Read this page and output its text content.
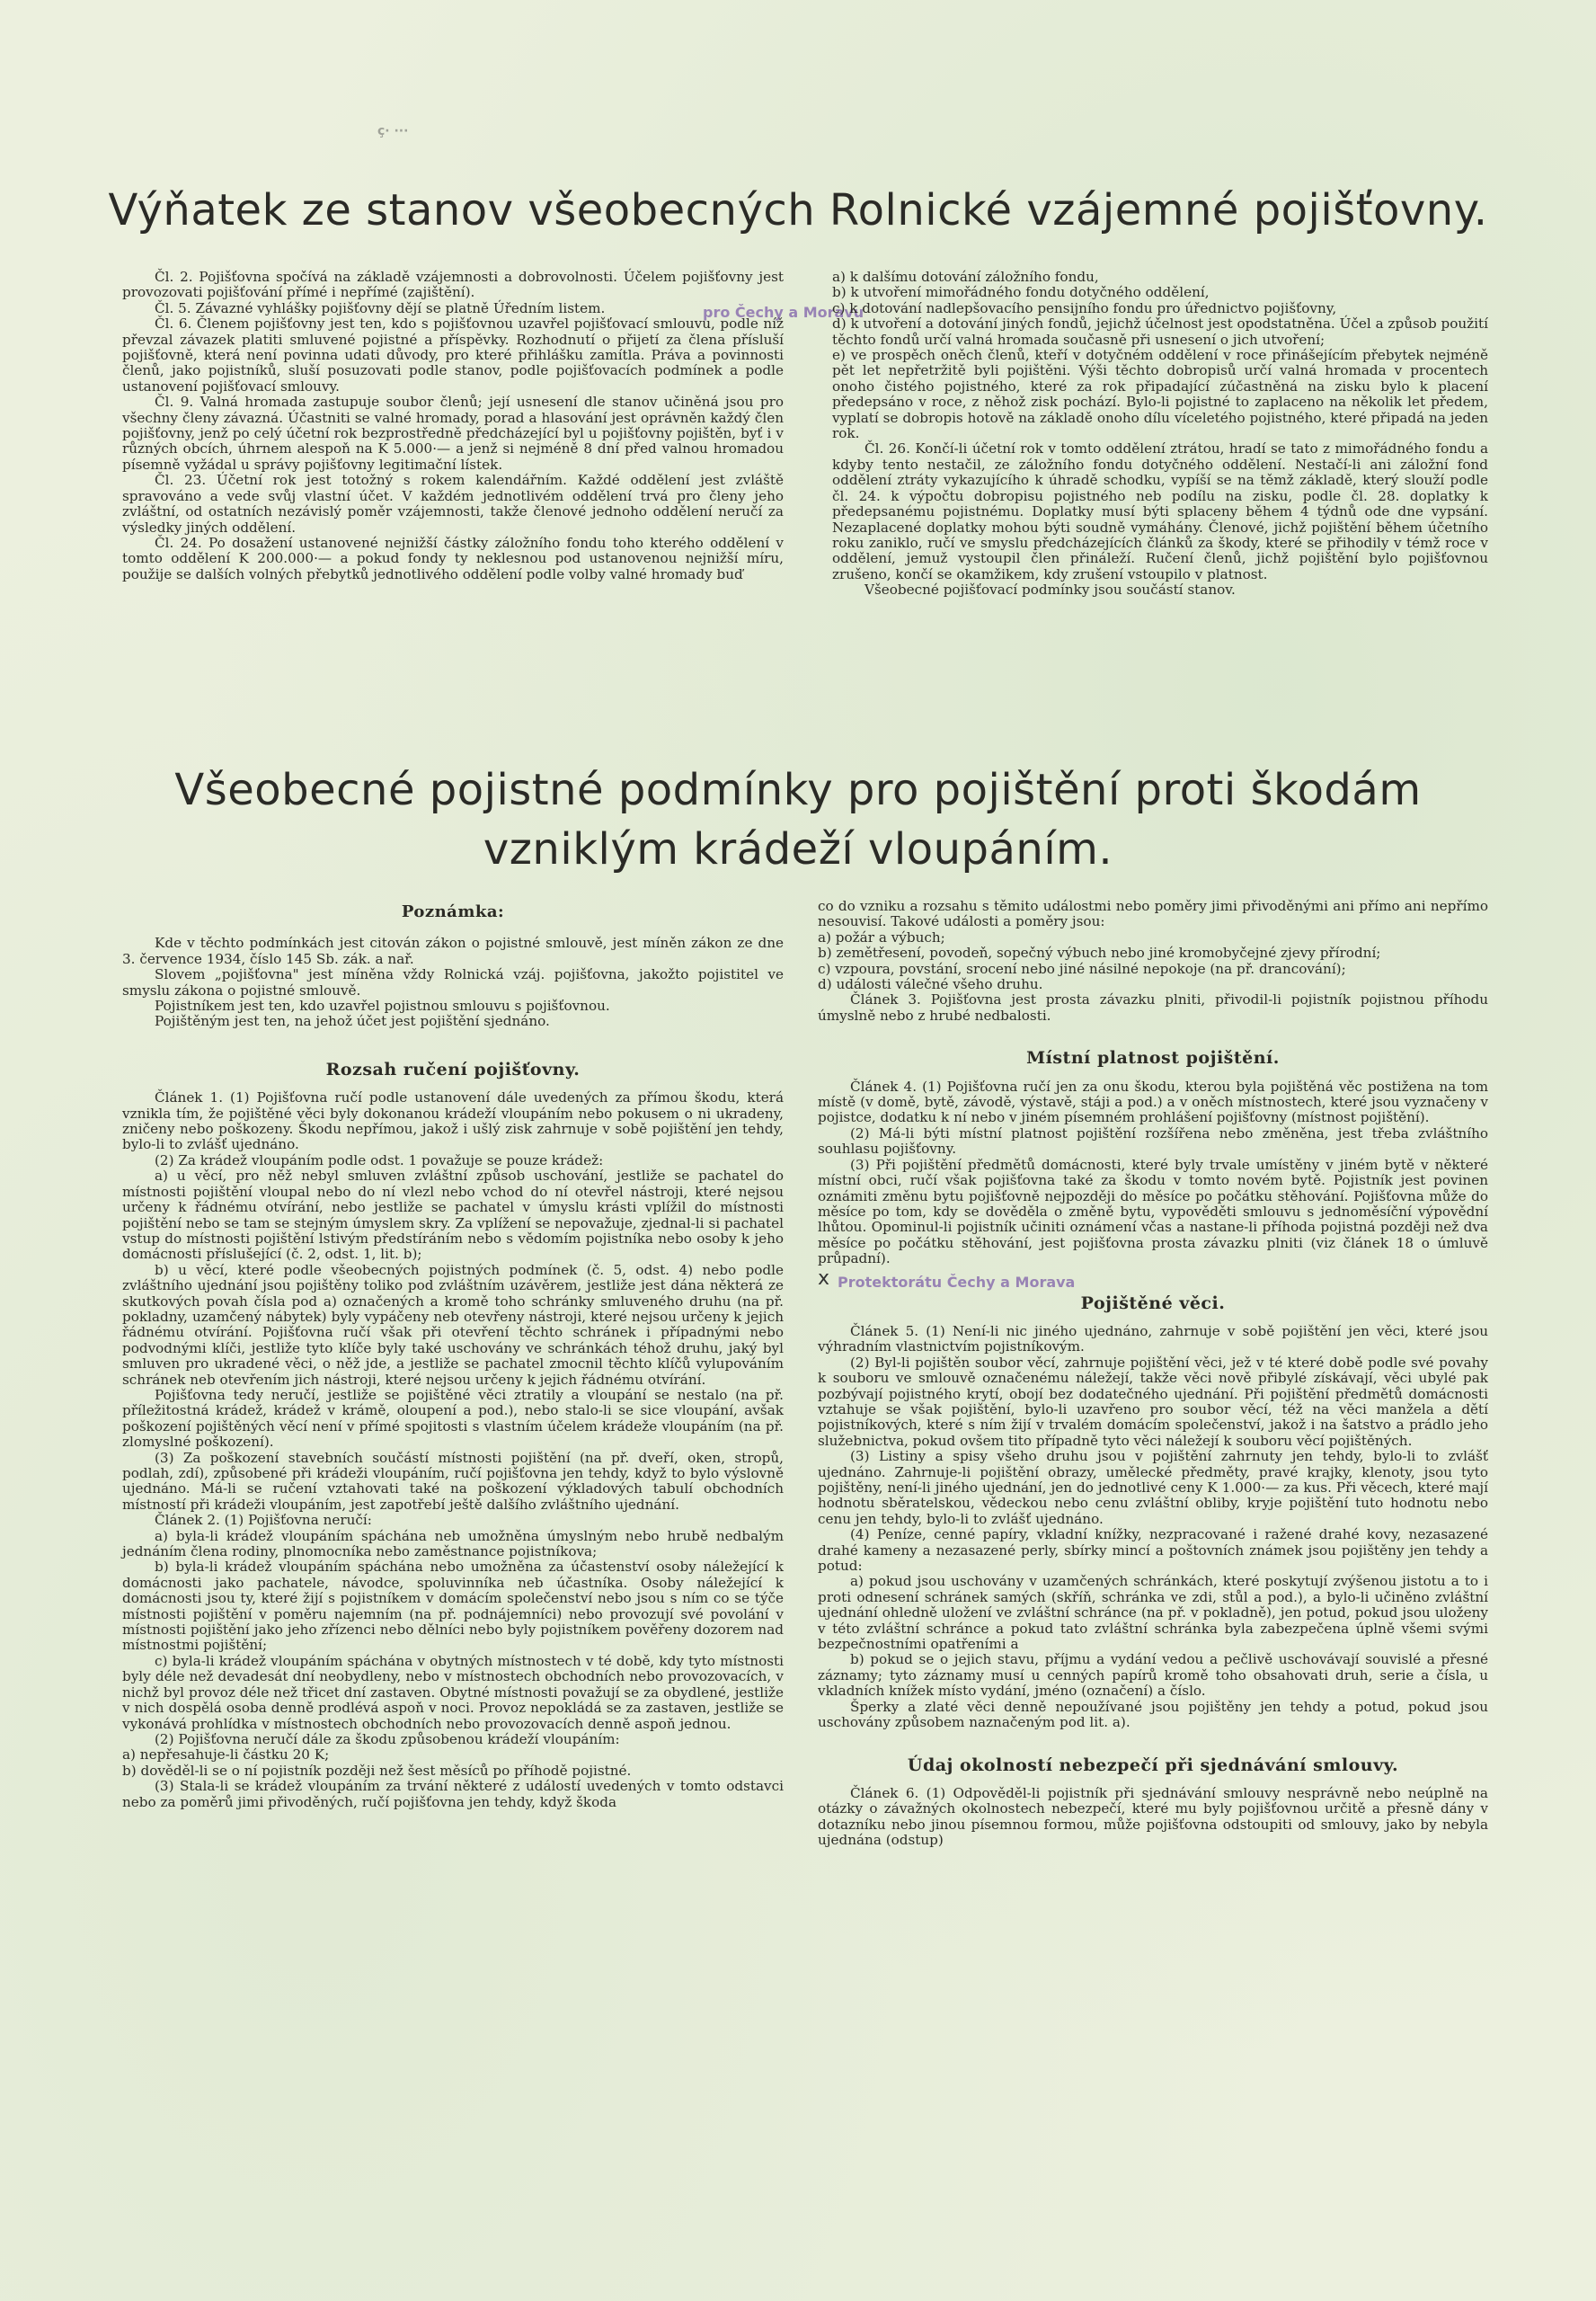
ç· ···
Výňatek ze stanov všeobecných Rolnické vzájemné pojišťovny.

Čl. 2. Pojišťovna spočívá na základě vzájemnosti a dobrovolnosti. Účelem pojišťovny jest provozovati pojišťování přímé i nepřímé (zajištění).

Čl. 5. Závazné vyhlášky pojišťovny dějí se platně Úředním listem.

Čl. 6. Členem pojišťovny jest ten, kdo s pojišťovnou uzavřel pojišťovací smlouvu, podle níž převzal závazek platiti smluvené pojistné a příspěvky. Rozhodnutí o přijetí za člena přísluší pojišťovně, která není povinna udati důvody, pro které přihlášku zamítla. Práva a povinnosti členů, jako pojistníků, sluší posuzovati podle stanov, podle pojišťovacích podmínek a podle ustanovení pojišťovací smlouvy.

Čl. 9. Valná hromada zastupuje soubor členů; její usnesení dle stanov učiněná jsou pro všechny členy závazná. Účastniti se valné hromady, porad a hlasování jest oprávněn každý člen pojišťovny, jenž po celý účetní rok bezprostředně předcházející byl u pojišťovny pojištěn, byť i v různých obcích, úhrnem alespoň na K 5.000·— a jenž si nejméně 8 dní před valnou hromadou písemně vyžádal u správy pojišťovny legitimační lístek.

Čl. 23. Účetní rok jest totožný s rokem kalendářním. Každé oddělení jest zvláště spravováno a vede svůj vlastní účet. V každém jednotlivém oddělení trvá pro členy jeho zvláštní, od ostatních nezávislý poměr vzájemnosti, takže členové jednoho oddělení neručí za výsledky jiných oddělení.

Čl. 24. Po dosažení ustanovené nejnižší částky záložního fondu toho kterého oddělení v tomto oddělení K 200.000·— a pokud fondy ty neklesnou pod ustanovenou nejnižší míru, použije se dalších volných přebytků jednotlivého oddělení podle volby valné hromady buď

pro Čechy a Moravu

a) k dalšímu dotování záložního fondu,

b) k utvoření mimořádného fondu dotyčného oddělení,

c) k dotování nadlepšovacího pensijního fondu pro úřednictvo pojišťovny,

d) k utvoření a dotování jiných fondů, jejichž účelnost jest opodstatněna. Účel a způsob použití těchto fondů určí valná hromada současně při usnesení o jich utvoření;

e) ve prospěch oněch členů, kteří v dotyčném oddělení v roce přinášejícím přebytek nejméně pět let nepřetržitě byli pojištěni. Výši těchto dobropisů určí valná hromada v procentech onoho čistého pojistného, které za rok připadající zúčastněná na zisku bylo k placení předepsáno v roce, z něhož zisk pochází. Bylo-li pojistné to zaplaceno na několik let předem, vyplatí se dobropis hotově na základě onoho dílu víceletého pojistného, které připadá na jeden rok.

Čl. 26. Končí-li účetní rok v tomto oddělení ztrátou, hradí se tato z mimořádného fondu a kdyby tento nestačil, ze záložního fondu dotyčného oddělení. Nestačí-li ani záložní fond oddělení ztráty vykazujícího k úhradě schodku, vypíší se na těmž základě, který slouží podle čl. 24. k výpočtu dobropisu pojistného neb podílu na zisku, podle čl. 28. doplatky k předepsanému pojistnému. Doplatky musí býti splaceny během 4 týdnů ode dne vypsání. Nezaplacené doplatky mohou býti soudně vymáhány. Členové, jichž pojištění během účetního roku zaniklo, ručí ve smyslu předcházejících článků za škody, které se přihodily v témž roce v oddělení, jemuž vystoupil člen přináleží. Ručení členů, jichž pojištění bylo pojišťovnou zrušeno, končí se okamžikem, kdy zrušení vstoupilo v platnost.

Všeobecné pojišťovací podmínky jsou součástí stanov.

Všeobecné pojistné podmínky pro pojištění proti škodám
vzniklým krádeží vloupáním.
Poznámka:

Kde v těchto podmínkách jest citován zákon o pojistné smlouvě, jest míněn zákon ze dne 3. července 1934, číslo 145 Sb. zák. a nař.

Slovem „pojišťovna" jest míněna vždy Rolnická vzáj. pojišťovna, jakožto pojistitel ve smyslu zákona o pojistné smlouvě.

Pojistníkem jest ten, kdo uzavřel pojistnou smlouvu s pojišťovnou.

Pojištěným jest ten, na jehož účet jest pojištění sjednáno.

Rozsah ručení pojišťovny.

Článek 1. (1) Pojišťovna ručí podle ustanovení dále uvedených za přímou škodu, která vznikla tím, že pojištěné věci byly dokonanou krádeží vloupáním nebo pokusem o ni ukradeny, zničeny nebo poškozeny. Škodu nepřímou, jakož i ušlý zisk zahrnuje v sobě pojištění jen tehdy, bylo-li to zvlášť ujednáno.

(2) Za krádež vloupáním podle odst. 1 považuje se pouze krádež:

a) u věcí, pro něž nebyl smluven zvláštní způsob uschování, jestliže se pachatel do místnosti pojištění vloupal nebo do ní vlezl nebo vchod do ní otevřel nástroji, které nejsou určeny k řádnému otvírání, nebo jestliže se pachatel v úmyslu krásti vplížil do místnosti pojištění nebo se tam se stejným úmyslem skry. Za vplížení se nepovažuje, zjednal-li si pachatel vstup do místnosti pojištění lstivým předstíráním nebo s vědomím pojistníka nebo osoby k jeho domácnosti příslušející (č. 2, odst. 1, lit. b);

b) u věcí, které podle všeobecných pojistných podmínek (č. 5, odst. 4) nebo podle zvláštního ujednání jsou pojištěny toliko pod zvláštním uzávěrem, jestliže jest dána některá ze skutkových povah čísla pod a) označených a kromě toho schránky smluveného druhu (na př. pokladny, uzamčený nábytek) byly vypáčeny neb otevřeny nástroji, které nejsou určeny k jejich řádnému otvírání. Pojišťovna ručí však při otevření těchto schránek i případnými nebo podvodnými klíči, jestliže tyto klíče byly také uschovány ve schránkách téhož druhu, jaký byl smluven pro ukradené věci, o něž jde, a jestliže se pachatel zmocnil těchto klíčů vylupováním schránek neb otevřením jich nástroji, které nejsou určeny k jejich řádnému otvírání.

Pojišťovna tedy neručí, jestliže se pojištěné věci ztratily a vloupání se nestalo (na př. příležitostná krádež, krádež v krámě, oloupení a pod.), nebo stalo-li se sice vloupání, avšak poškození pojištěných věcí není v přímé spojitosti s vlastním účelem krádeže vloupáním (na př. zlomyslné poškození).

(3) Za poškození stavebních součástí místnosti pojištění (na př. dveří, oken, stropů, podlah, zdí), způsobené při krádeži vloupáním, ručí pojišťovna jen tehdy, když to bylo výslovně ujednáno. Má-li se ručení vztahovati také na poškození výkladových tabulí obchodních místností při krádeži vloupáním, jest zapotřebí ještě dalšího zvláštního ujednání.

Článek 2. (1) Pojišťovna neručí:

a) byla-li krádež vloupáním spáchána neb umožněna úmyslným nebo hrubě nedbalým jednáním člena rodiny, plnomocníka nebo zaměstnance pojistníkova;

b) byla-li krádež vloupáním spáchána nebo umožněna za účastenství osoby náležející k domácnosti jako pachatele, návodce, spoluvinníka neb účastníka. Osoby náležející k domácnosti jsou ty, které žijí s pojistníkem v domácím společenství nebo jsou s ním co se týče místnosti pojištění v poměru najemním (na př. podnájemníci) nebo provozují své povolání v místnosti pojištění jako jeho zřízenci nebo dělníci nebo byly pojistníkem pověřeny dozorem nad místnostmi pojištění;

c) byla-li krádež vloupáním spáchána v obytných místnostech v té době, kdy tyto místnosti byly déle než devadesát dní neobydleny, nebo v místnostech obchodních nebo provozovacích, v nichž byl provoz déle než třicet dní zastaven. Obytné místnosti považují se za obydlené, jestliže v nich dospělá osoba denně prodlévá aspoň v noci. Provoz nepokládá se za zastaven, jestliže se vykonává prohlídka v místnostech obchodních nebo provozovacích denně aspoň jednou.

(2) Pojišťovna neručí dále za škodu způsobenou krádeží vloupáním:

a) nepřesahuje-li částku 20 K;

b) dověděl-li se o ní pojistník později než šest měsíců po příhodě pojistné.

(3) Stala-li se krádež vloupáním za trvání některé z událostí uvedených v tomto odstavci nebo za poměrů jimi přivoděných, ručí pojišťovna jen tehdy, když škoda

co do vzniku a rozsahu s těmito událostmi nebo poměry jimi přivoděnými ani přímo ani nepřímo nesouvisí. Takové události a poměry jsou:

a) požár a výbuch;

b) zemětřesení, povodeň, sopečný výbuch nebo jiné kromobyčejné zjevy přírodní;

c) vzpoura, povstání, srocení nebo jiné násilné nepokoje (na př. drancování);

d) události válečné všeho druhu.

Článek 3. Pojišťovna jest prosta závazku plniti, přivodil-li pojistník pojistnou příhodu úmyslně nebo z hrubé nedbalosti.

Místní platnost pojištění.

Článek 4. (1) Pojišťovna ručí jen za onu škodu, kterou byla pojištěná věc postižena na tom místě (v domě, bytě, závodě, výstavě, stáji a pod.) a v oněch místnostech, které jsou vyznačeny v pojistce, dodatku k ní nebo v jiném písemném prohlášení pojišťovny (místnost pojištění).

(2) Má-li býti místní platnost pojištění rozšířena nebo změněna, jest třeba zvláštního souhlasu pojišťovny.

(3) Při pojištění předmětů domácnosti, které byly trvale umístěny v jiném bytě v některé místní obci, ručí však pojišťovna také za škodu v tomto novém bytě. Pojistník jest povinen oznámiti změnu bytu pojišťovně nejpozději do měsíce po počátku stěhování. Pojišťovna může do měsíce po tom, kdy se dověděla o změně bytu, vypověděti smlouvu s jednoměsíční výpovědní lhůtou. Opominul-li pojistník učiniti oznámení včas a nastane-li příhoda pojistná později než dva měsíce po počátku stěhování, jest pojišťovna prosta závazku plniti (viz článek 18 o úmluvě průpadní).

x Protektorátu Čechy a Morava
Pojištěné věci.

Článek 5. (1) Není-li nic jiného ujednáno, zahrnuje v sobě pojištění jen věci, které jsou výhradním vlastnictvím pojistníkovým.

(2) Byl-li pojištěn soubor věcí, zahrnuje pojištění věci, jež v té které době podle své povahy k souboru ve smlouvě označenému náležejí, takže věci nově přibylé získávají, věci ubylé pak pozbývají pojistného krytí, obojí bez dodatečného ujednání. Při pojištění předmětů domácnosti vztahuje se však pojištění, bylo-li uzavřeno pro soubor věcí, též na věci manžela a dětí pojistníkových, které s ním žijí v trvalém domácím společenství, jakož i na šatstvo a prádlo jeho služebnictva, pokud ovšem tito případně tyto věci náležejí k souboru věcí pojištěných.

(3) Listiny a spisy všeho druhu jsou v pojištění zahrnuty jen tehdy, bylo-li to zvlášť ujednáno. Zahrnuje-li pojištění obrazy, umělecké předměty, pravé krajky, klenoty, jsou tyto pojištěny, není-li jiného ujednání, jen do jednotlivé ceny K 1.000·— za kus. Při věcech, které mají hodnotu sběratelskou, vědeckou nebo cenu zvláštní obliby, kryje pojištění tuto hodnotu nebo cenu jen tehdy, bylo-li to zvlášť ujednáno.

(4) Peníze, cenné papíry, vkladní knížky, nezpracované i ražené drahé kovy, nezasazené drahé kameny a nezasazené perly, sbírky mincí a poštovních známek jsou pojištěny jen tehdy a potud:

a) pokud jsou uschovány v uzamčených schránkách, které poskytují zvýšenou jistotu a to i proti odnesení schránek samých (skříň, schránka ve zdi, stůl a pod.), a bylo-li učiněno zvláštní ujednání ohledně uložení ve zvláštní schránce (na př. v pokladně), jen potud, pokud jsou uloženy v této zvláštní schránce a pokud tato zvláštní schránka byla zabezpečena úplně všemi svými bezpečnostními opatřeními a

b) pokud se o jejich stavu, příjmu a vydání vedou a pečlivě uschovávají souvislé a přesné záznamy; tyto záznamy musí u cenných papírů kromě toho obsahovati druh, serie a čísla, u vkladních knížek místo vydání, jméno (označení) a číslo.

Šperky a zlaté věci denně nepoužívané jsou pojištěny jen tehdy a potud, pokud jsou uschovány způsobem naznačeným pod lit. a).

Údaj okolností nebezpečí při sjednávání smlouvy.

Článek 6. (1) Odpověděl-li pojistník při sjednávání smlouvy nesprávně nebo neúplně na otázky o závažných okolnostech nebezpečí, které mu byly pojišťovnou určitě a přesně dány v dotazníku nebo jinou písemnou formou, může pojišťovna odstoupiti od smlouvy, jako by nebyla ujednána (odstup)
